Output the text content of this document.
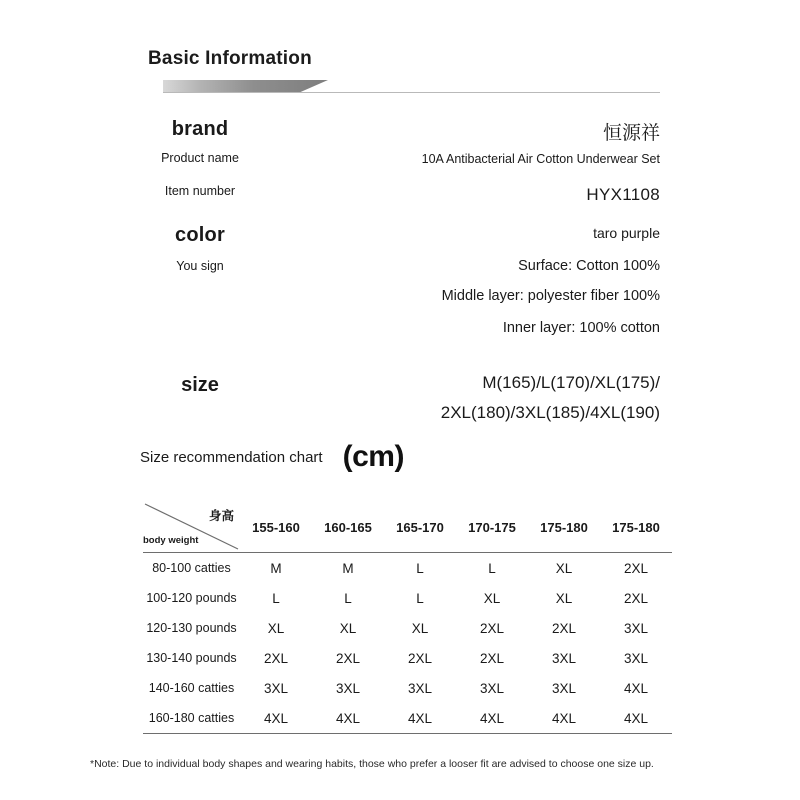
Basic Information
brand	恒源祥
Product name	10A Antibacterial Air Cotton Underwear Set
Item number	HYX1108
color	taro purple
You sign	Surface: Cotton 100%
Middle layer: polyester fiber 100%
Inner layer: 100% cotton
size	M(165)/L(170)/XL(175)/
2XL(180)/3XL(185)/4XL(190)
Size recommendation chart (cm)
身高
body weight	155-160	160-165	165-170	170-175	175-180	175-180
80-100 catties	M	M	L	L	XL	2XL
100-120 pounds	L	L	L	XL	XL	2XL
120-130 pounds	XL	XL	XL	2XL	2XL	3XL
130-140 pounds	2XL	2XL	2XL	2XL	3XL	3XL
140-160 catties	3XL	3XL	3XL	3XL	3XL	4XL
160-180 catties	4XL	4XL	4XL	4XL	4XL	4XL
*Note: Due to individual body shapes and wearing habits, those who prefer a looser fit are advised to choose one size up.
